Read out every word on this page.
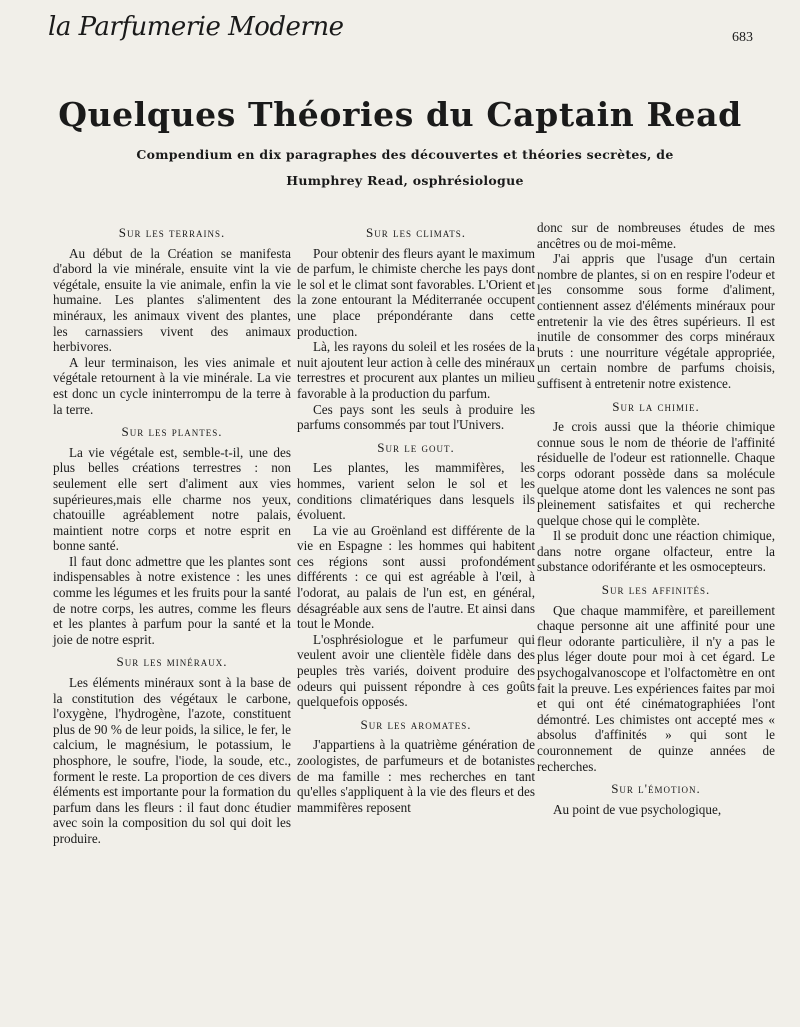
la Parfumerie Moderne	683
Quelques Théories du Captain Read
Compendium en dix paragraphes des découvertes et théories secrètes, de
Humphrey Read, osphrésiologue
Sur les terrains.

Au début de la Création se manifesta d'abord la vie minérale, ensuite vint la vie végétale, ensuite la vie animale, enfin la vie humaine. Les plantes s'alimentent des minéraux, les animaux vivent des plantes, les carnassiers vivent des animaux herbivores.

A leur terminaison, les vies animale et végétale retournent à la vie minérale. La vie est donc un cycle ininterrompu de la terre à la terre.

Sur les plantes.

La vie végétale est, semble-t-il, une des plus belles créations terrestres : non seulement elle sert d'aliment aux vies supérieures,mais elle charme nos yeux, chatouille agréablement notre palais, maintient notre corps et notre esprit en bonne santé.

Il faut donc admettre que les plantes sont indispensables à notre existence : les unes comme les légumes et les fruits pour la santé de notre corps, les autres, comme les fleurs et les plantes à parfum pour la santé et la joie de notre esprit.

Sur les minéraux.

Les éléments minéraux sont à la base de la constitution des végétaux le carbone, l'oxygène, l'hydrogène, l'azote, constituent plus de 90 % de leur poids, la silice, le fer, le calcium, le magnésium, le potassium, le phosphore, le soufre, l'iode, la soude, etc., forment le reste. La proportion de ces divers éléments est importante pour la formation du parfum dans les fleurs : il faut donc étudier avec soin la composition du sol qui doit les produire.

Sur les climats.

Pour obtenir des fleurs ayant le maximum de parfum, le chimiste cherche les pays dont le sol et le climat sont favorables. L'Orient et la zone entourant la Méditerranée occupent une place prépondérante dans cette production.

Là, les rayons du soleil et les rosées de la nuit ajoutent leur action à celle des minéraux terrestres et procurent aux plantes un milieu favorable à la production du parfum.

Ces pays sont les seuls à produire les parfums consommés par tout l'Univers.

Sur le gout.

Les plantes, les mammifères, les hommes, varient selon le sol et les conditions climatériques dans lesquels ils évoluent.

La vie au Groënland est différente de la vie en Espagne : les hommes qui habitent ces régions sont aussi profondément différents : ce qui est agréable à l'œil, à l'odorat, au palais de l'un est, en général, désagréable aux sens de l'autre. Et ainsi dans tout le Monde.

L'osphrésiologue et le parfumeur qui veulent avoir une clientèle fidèle dans des peuples très variés, doivent produire des odeurs qui puissent répondre à ces goûts quelquefois opposés.

Sur les aromates.

J'appartiens à la quatrième génération de zoologistes, de parfumeurs et de botanistes de ma famille : mes recherches en tant qu'elles s'appliquent à la vie des fleurs et des mammifères reposent

donc sur de nombreuses études de mes ancêtres ou de moi-même.

J'ai appris que l'usage d'un certain nombre de plantes, si on en respire l'odeur et les consomme sous forme d'aliment, contiennent assez d'éléments minéraux pour entretenir la vie des êtres supérieurs. Il est inutile de consommer des corps minéraux bruts : une nourriture végétale appropriée, un certain nombre de parfums choisis, suffisent à entretenir notre existence.

Sur la chimie.

Je crois aussi que la théorie chimique connue sous le nom de théorie de l'affinité résiduelle de l'odeur est rationnelle. Chaque corps odorant possède dans sa molécule quelque atome dont les valences ne sont pas pleinement satisfaites et qui recherche quelque chose qui le complète.

Il se produit donc une réaction chimique, dans notre organe olfacteur, entre la substance odoriférante et les osmocepteurs.

Sur les affinités.

Que chaque mammifère, et pareillement chaque personne ait une affinité pour une fleur odorante particulière, il n'y a pas le plus léger doute pour moi à cet égard. Le psychogalvanoscope et l'olfactomètre en ont fait la preuve. Les expériences faites par moi et qui ont été cinématographiées l'ont démontré. Les chimistes ont accepté mes « absolus d'affinités » qui sont le couronnement de quinze années de recherches.

Sur l'émotion.

Au point de vue psychologique,
